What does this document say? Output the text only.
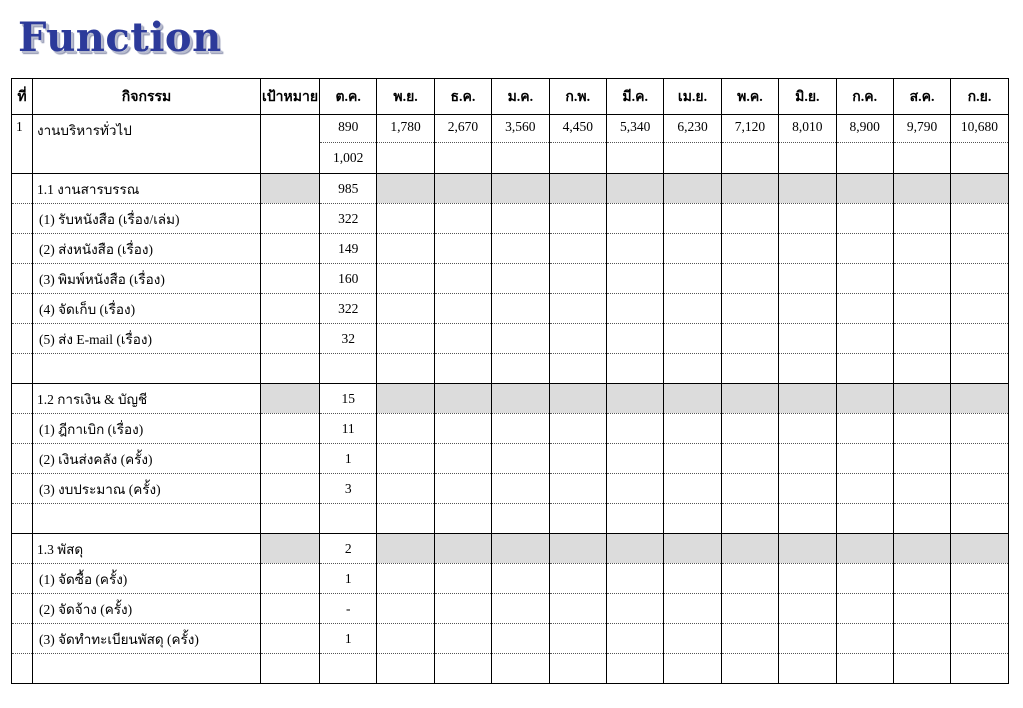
Function
ที่	กิจกรรม	เป้าหมาย	ต.ค.	พ.ย.	ธ.ค.	ม.ค.	ก.พ.	มี.ค.	เม.ย.	พ.ค.	มิ.ย.	ก.ค.	ส.ค.	ก.ย.
1	งานบริหารทั่วไป		890	1,780	2,670	3,560	4,450	5,340	6,230	7,120	8,010	8,900	9,790	10,680
			1,002											
	1.1 งานสารบรรณ		985											
	(1) รับหนังสือ (เรื่อง/เล่ม)		322											
	(2) ส่งหนังสือ (เรื่อง)		149											
	(3) พิมพ์หนังสือ (เรื่อง)		160											
	(4) จัดเก็บ (เรื่อง)		322											
	(5) ส่ง E-mail (เรื่อง)		32											

	1.2 การเงิน & บัญชี		15											
	(1) ฎีกาเบิก (เรื่อง)		11											
	(2) เงินส่งคลัง (ครั้ง)		1											
	(3) งบประมาณ (ครั้ง)		3											

	1.3 พัสดุ		2											
	(1) จัดซื้อ (ครั้ง)		1											
	(2) จัดจ้าง (ครั้ง)		-											
	(3) จัดทำทะเบียนพัสดุ (ครั้ง)		1											
